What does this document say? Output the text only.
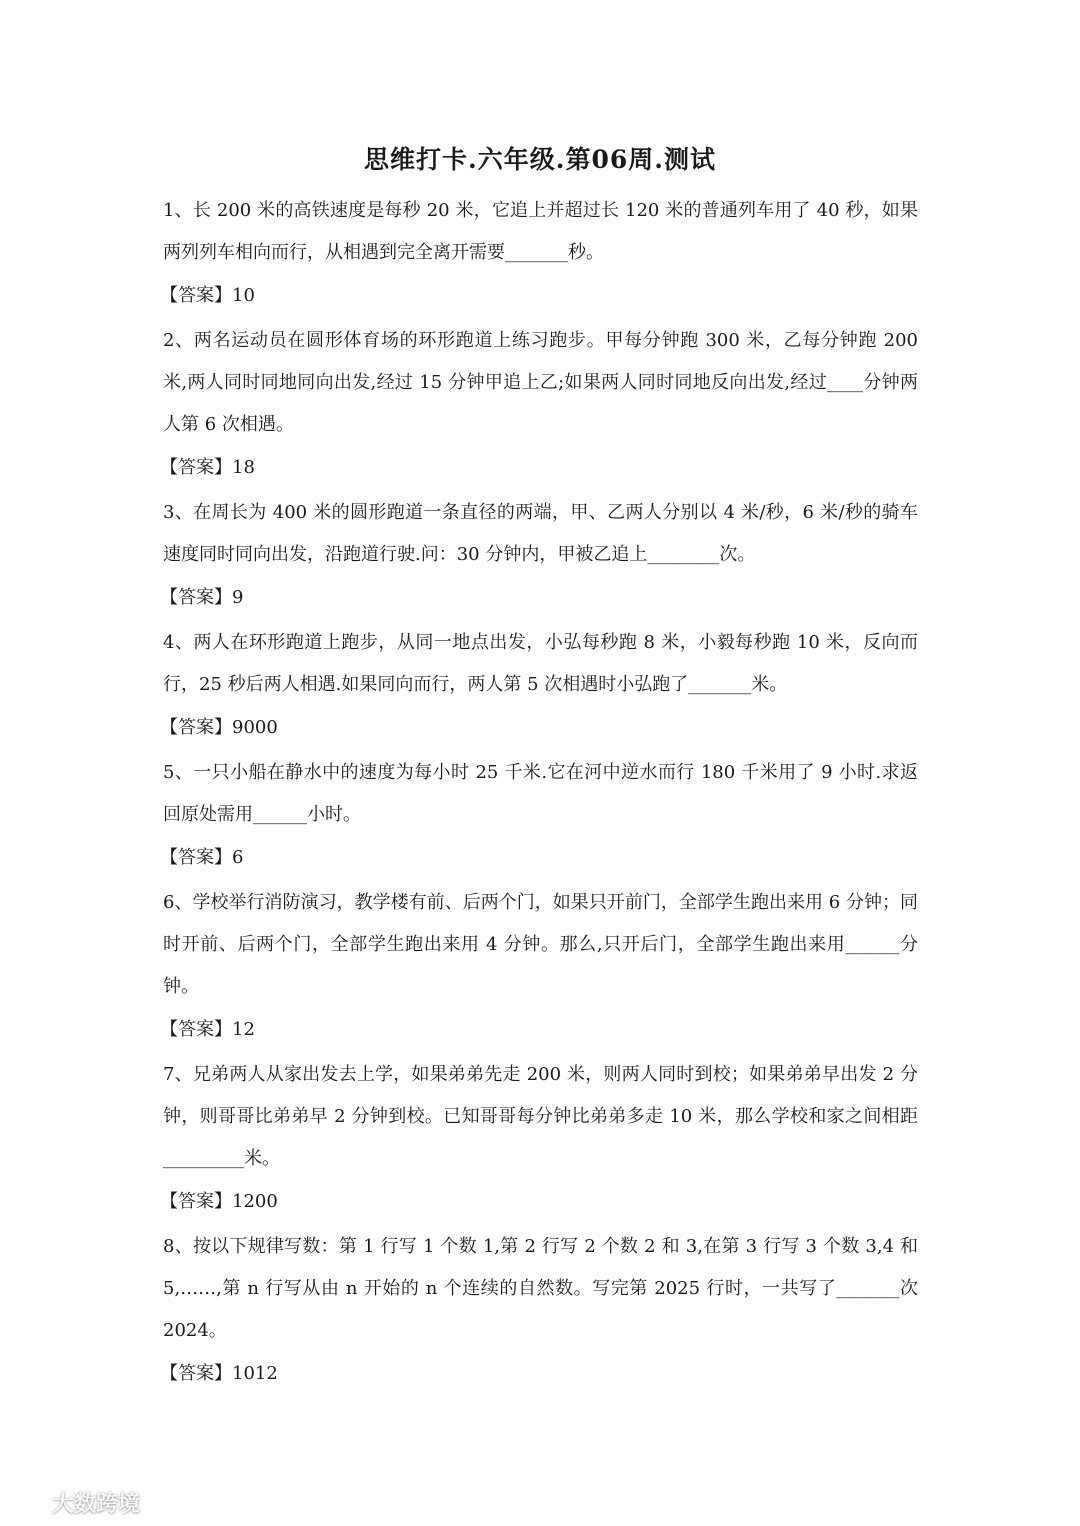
思维打卡.六年级.第06周.测试

1、长 200 米的高铁速度是每秒 20 米，它追上并超过长 120 米的普通列车用了 40 秒，如果两列列车相向而行，从相遇到完全离开需要_______秒。

【答案】10

2、两名运动员在圆形体育场的环形跑道上练习跑步。甲每分钟跑 300 米，乙每分钟跑 200 米,两人同时同地同向出发,经过 15 分钟甲追上乙;如果两人同时同地反向出发,经过____分钟两人第 6 次相遇。

【答案】18

3、在周长为 400 米的圆形跑道一条直径的两端，甲、乙两人分别以 4 米/秒，6 米/秒的骑车速度同时同向出发，沿跑道行驶.问：30 分钟内，甲被乙追上________次。

【答案】9

4、两人在环形跑道上跑步，从同一地点出发，小弘每秒跑 8 米，小毅每秒跑 10 米，反向而行，25 秒后两人相遇.如果同向而行，两人第 5 次相遇时小弘跑了_______米。

【答案】9000

5、一只小船在静水中的速度为每小时 25 千米.它在河中逆水而行 180 千米用了 9 小时.求返回原处需用______小时。

【答案】6

6、学校举行消防演习，教学楼有前、后两个门，如果只开前门，全部学生跑出来用 6 分钟；同时开前、后两个门，全部学生跑出来用 4 分钟。那么,只开后门，全部学生跑出来用______分钟。

【答案】12

7、兄弟两人从家出发去上学，如果弟弟先走 200 米，则两人同时到校；如果弟弟早出发 2 分钟，则哥哥比弟弟早 2 分钟到校。已知哥哥每分钟比弟弟多走 10 米，那么学校和家之间相距_________米。

【答案】1200

8、按以下规律写数：第 1 行写 1 个数 1,第 2 行写 2 个数 2 和 3,在第 3 行写 3 个数 3,4 和 5,……,第 n 行写从由 n 开始的 n 个连续的自然数。写完第 2025 行时，一共写了_______次 2024。

【答案】1012

大数跨境
